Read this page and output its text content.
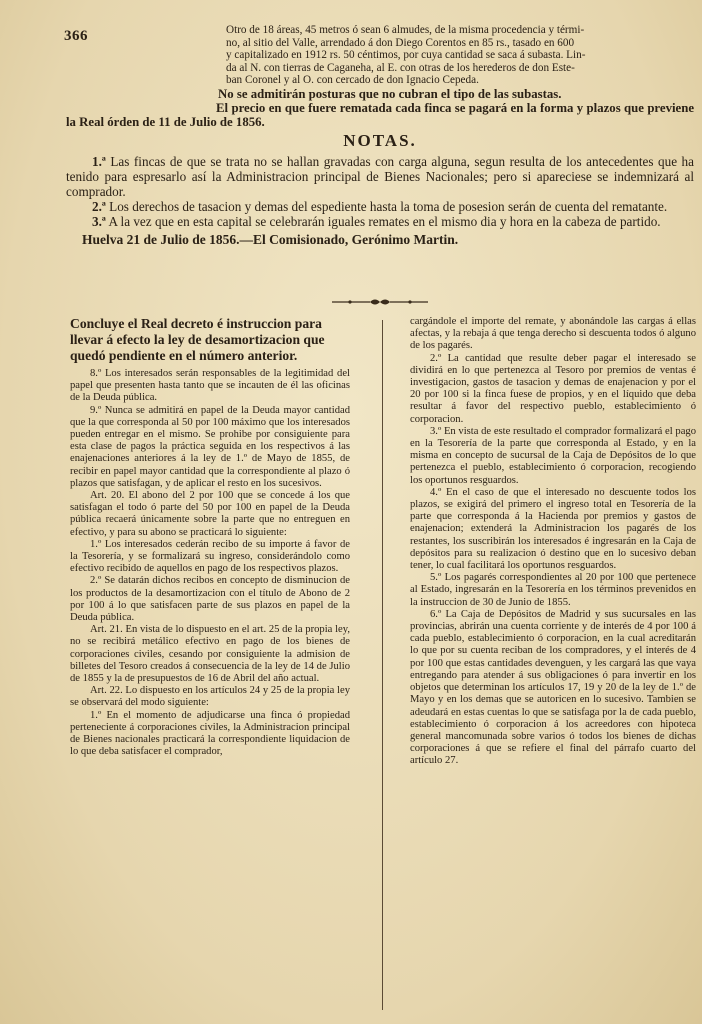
366	Otro de 18 áreas, 45 metros ó sean 6 almudes, de la misma procedencia y térmi-
no, al sitio del Valle, arrendado á don Diego Corentos en 85 rs., tasado en 600
y capitalizado en 1912 rs. 50 céntimos, por cuya cantidad se saca á subasta. Lin-
da al N. con tierras de Caganeha, al E. con otras de los herederos de don Este-
ban Coronel y al O. con cercado de don Ignacio Cepeda.

No se admitirán posturas que no cubran el tipo de las subastas.

El precio en que fuere rematada cada finca se pagará en la forma y plazos que previene la Real órden de 11 de Julio de 1856.

NOTAS.

1.ª Las fincas de que se trata no se hallan gravadas con carga alguna, segun resulta de los antecedentes que ha tenido para espresarlo así la Administracion principal de Bienes Nacionales; pero si apareciese se indemnizará al comprador.

2.ª Los derechos de tasacion y demas del espediente hasta la toma de posesion serán de cuenta del rematante.

3.ª A la vez que en esta capital se celebrarán iguales remates en el mismo dia y hora en la cabeza de partido.

Huelva 21 de Julio de 1856.—El Comisionado, Gerónimo Martin.

Concluye el Real decreto é instruccion para llevar á efecto la ley de desamortizacion que quedó pendiente en el número anterior.

8.º Los interesados serán responsables de la legitimidad del papel que presenten hasta tanto que se incauten de él las oficinas de la Deuda pública.

9.º Nunca se admitirá en papel de la Deuda mayor cantidad que la que corresponda al 50 por 100 máximo que los interesados pueden entregar en el mismo. Se prohibe por consiguiente para esta clase de pagos la práctica seguida en los respectivos á las enajenaciones anteriores á la ley de 1.º de Mayo de 1855, de recibir en papel mayor cantidad que la correspondiente al plazo ó plazos que satisfagan, y de aplicar el resto en los sucesivos.

Art. 20. El abono del 2 por 100 que se concede á los que satisfagan el todo ó parte del 50 por 100 en papel de la Deuda pública recaerá únicamente sobre la parte que no entreguen en efectivo, y para su abono se practicará lo siguiente:

1.º Los interesados cederán recibo de su importe á favor de la Tesorería, y se formalizará su ingreso, considerándolo como efectivo recibido de aquellos en pago de los respectivos plazos.

2.º Se datarán dichos recibos en concepto de disminucion de los productos de la desamortizacion con el título de Abono de 2 por 100 á lo que satisfacen parte de sus plazos en papel de la Deuda pública.

Art. 21. En vista de lo dispuesto en el art. 25 de la propia ley, no se recibirá metálico efectivo en pago de los bienes de corporaciones civiles, cesando por consiguiente la admision de billetes del Tesoro creados á consecuencia de la ley de 14 de Julio de 1855 y la de presupuestos de 16 de Abril del año actual.

Art. 22. Lo dispuesto en los artículos 24 y 25 de la propia ley se observará del modo siguiente:

1.º En el momento de adjudicarse una finca ó propiedad perteneciente á corporaciones civiles, la Administracion principal de Bienes nacionales practicará la correspondiente liquidacion de lo que deba satisfacer el comprador,

cargándole el importe del remate, y abonándole las cargas á ellas afectas, y la rebaja á que tenga derecho si descuenta todos ó alguno de los pagarés.

2.º La cantidad que resulte deber pagar el interesado se dividirá en lo que pertenezca al Tesoro por premios de ventas é investigacion, gastos de tasacion y demas de enajenacion y por el 20 por 100 si la finca fuese de propios, y en el líquido que deba resultar á favor del respectivo pueblo, establecimiento ó corporacion.

3.º En vista de este resultado el comprador formalizará el pago en la Tesorería de la parte que corresponda al Estado, y en la misma en concepto de sucursal de la Caja de Depósitos de lo que pertenezca el pueblo, establecimiento ó corporacion, recogiendo los oportunos resguardos.

4.º En el caso de que el interesado no descuente todos los plazos, se exigirá del primero el ingreso total en Tesorería de la parte que corresponda á la Hacienda por premios y gastos de enajenacion; extenderá la Administracion los pagarés de los restantes, los suscribirán los interesados é ingresarán en la Caja de depósitos para su realizacion ó destino que en lo sucesivo deban tener, lo cual facilitará los oportunos resguardos.

5.º Los pagarés correspondientes al 20 por 100 que pertenece al Estado, ingresarán en la Tesorería en los términos prevenidos en la instruccion de 30 de Junio de 1855.

6.º La Caja de Depósitos de Madrid y sus sucursales en las provincias, abrirán una cuenta corriente y de interés de 4 por 100 á cada pueblo, establecimiento ó corporacion, en la cual acreditarán lo que por su cuenta reciban de los compradores, y el interés de 4 por 100 que estas cantidades devenguen, y les cargará las que vaya entregando para atender á sus obligaciones ó para invertir en los objetos que determinan los artículos 17, 19 y 20 de la ley de 1.º de Mayo y en los demas que se autoricen en lo sucesivo. Tambien se adeudará en estas cuentas lo que se satisfaga por la de cada pueblo, establecimiento ó corporacion á los acreedores con hipoteca general mancomunada sobre varios ó todos los bienes de dichas corporaciones á que se refiere el final del párrafo cuarto del artículo 27.
